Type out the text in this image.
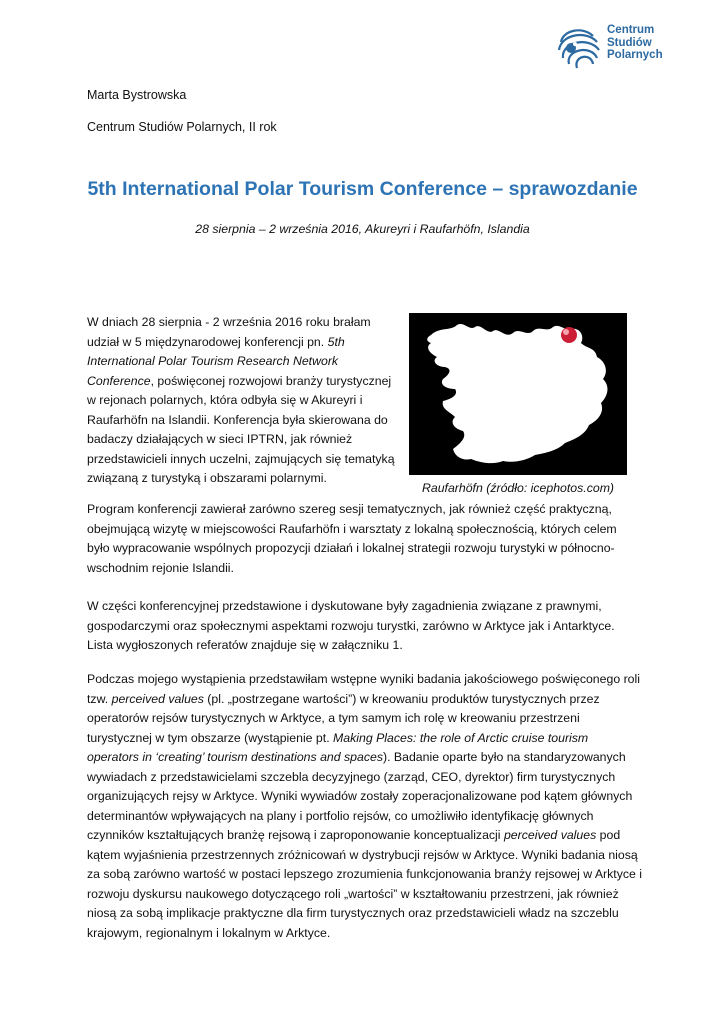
Centrum
Studiów
Polarnych
Marta Bystrowska
Centrum Studiów Polarnych, II rok
5th International Polar Tourism Conference – sprawozdanie
28 sierpnia – 2 września 2016, Akureyri i Raufarhöfn, Islandia
W dniach 28 sierpnia - 2 września 2016 roku brałam udział w 5 międzynarodowej konferencji pn. 5th International Polar Tourism Research Network Conference, poświęconej rozwojowi branży turystycznej w rejonach polarnych, która odbyła się w Akureyri i Raufarhöfn na Islandii. Konferencja była skierowana do badaczy działających w sieci IPTRN, jak również przedstawicieli innych uczelni, zajmujących się tematyką związaną z turystyką i obszarami polarnymi.
Raufarhöfn (źródło: icephotos.com)
Program konferencji zawierał zarówno szereg sesji tematycznych, jak również część praktyczną, obejmującą wizytę w miejscowości Raufarhöfn i warsztaty z lokalną społecznością, których celem było wypracowanie wspólnych propozycji działań i lokalnej strategii rozwoju turystyki w północno-wschodnim rejonie Islandii.
W części konferencyjnej przedstawione i dyskutowane były zagadnienia związane z prawnymi, gospodarczymi oraz społecznymi aspektami rozwoju turystki, zarówno w Arktyce jak i Antarktyce. Lista wygłoszonych referatów znajduje się w załączniku 1.
Podczas mojego wystąpienia przedstawiłam wstępne wyniki badania jakościowego poświęconego roli tzw. perceived values (pl. „postrzegane wartości”) w kreowaniu produktów turystycznych przez operatorów rejsów turystycznych w Arktyce, a tym samym ich rolę w kreowaniu przestrzeni turystycznej w tym obszarze (wystąpienie pt. Making Places: the role of Arctic cruise tourism operators in ‘creating’ tourism destinations and spaces). Badanie oparte było na standaryzowanych wywiadach z przedstawicielami szczebla decyzyjnego (zarząd, CEO, dyrektor) firm turystycznych organizujących rejsy w Arktyce. Wyniki wywiadów zostały zoperacjonalizowane pod kątem głównych determinantów wpływających na plany i portfolio rejsów, co umożliwiło identyfikację głównych czynników kształtujących branżę rejsową i zaproponowanie konceptualizacji perceived values pod kątem wyjaśnienia przestrzennych zróżnicowań w dystrybucji rejsów w Arktyce. Wyniki badania niosą za sobą zarówno wartość w postaci lepszego zrozumienia funkcjonowania branży rejsowej w Arktyce i rozwoju dyskursu naukowego dotyczącego roli „wartości” w kształtowaniu przestrzeni, jak również niosą za sobą implikacje praktyczne dla firm turystycznych oraz przedstawicieli władz na szczeblu krajowym, regionalnym i lokalnym w Arktyce.
